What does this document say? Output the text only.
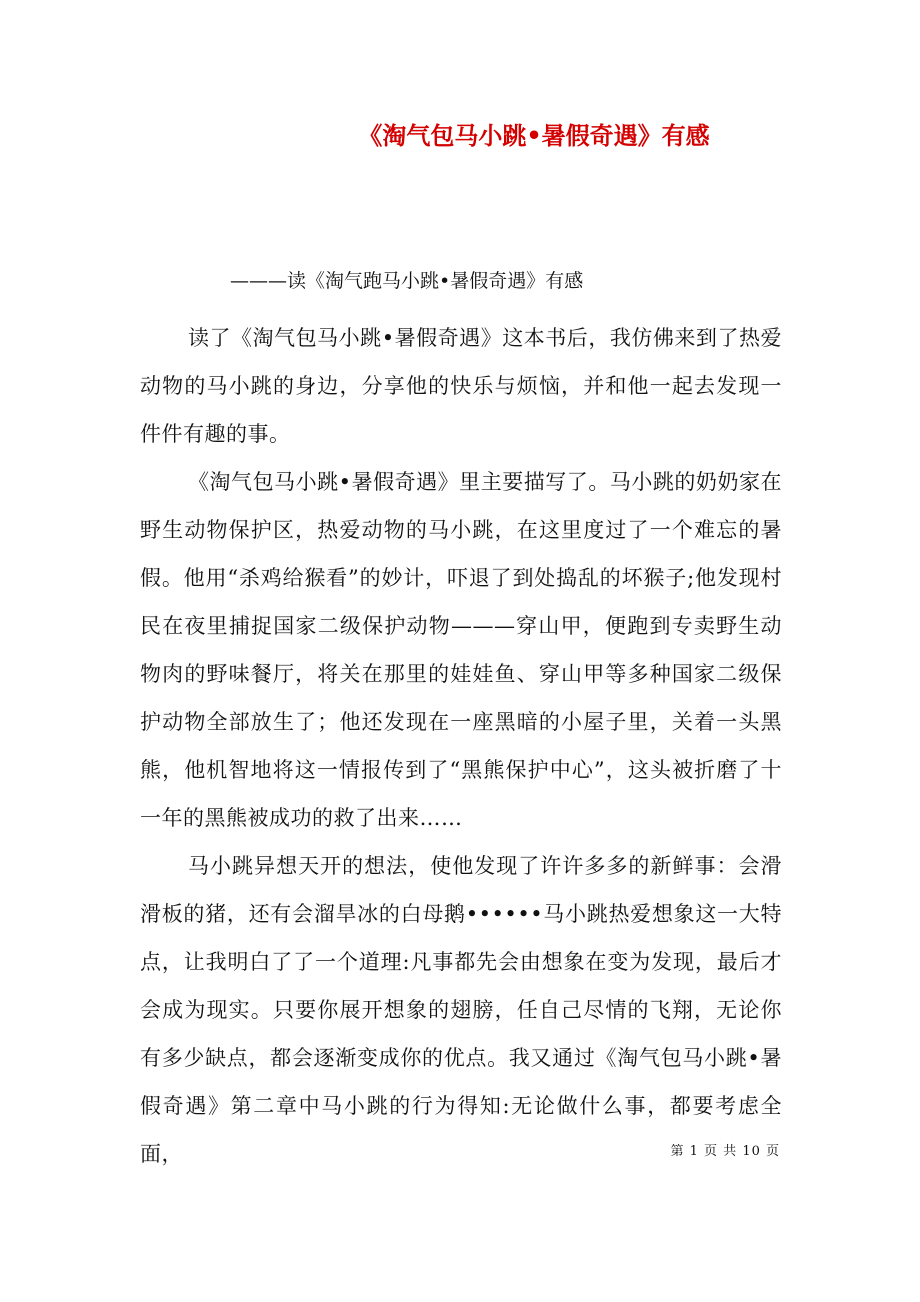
《淘气包马小跳•暑假奇遇》有感
———读《淘气跑马小跳•暑假奇遇》有感

读了《淘气包马小跳•暑假奇遇》这本书后，我仿佛来到了热爱动物的马小跳的身边，分享他的快乐与烦恼，并和他一起去发现一件件有趣的事。

《淘气包马小跳•暑假奇遇》里主要描写了。马小跳的奶奶家在野生动物保护区，热爱动物的马小跳，在这里度过了一个难忘的暑假。他用“杀鸡给猴看”的妙计，吓退了到处捣乱的坏猴子;他发现村民在夜里捕捉国家二级保护动物———穿山甲，便跑到专卖野生动物肉的野味餐厅，将关在那里的娃娃鱼、穿山甲等多种国家二级保护动物全部放生了；他还发现在一座黑暗的小屋子里，关着一头黑熊，他机智地将这一情报传到了“黑熊保护中心”，这头被折磨了十一年的黑熊被成功的救了出来……

马小跳异想天开的想法，使他发现了许许多多的新鲜事：会滑滑板的猪，还有会溜旱冰的白母鹅••••••马小跳热爱想象这一大特点，让我明白了了一个道理:凡事都先会由想象在变为发现，最后才会成为现实。只要你展开想象的翅膀，任自己尽情的飞翔，无论你有多少缺点，都会逐渐变成你的优点。我又通过《淘气包马小跳•暑假奇遇》第二章中马小跳的行为得知:无论做什么事，都要考虑全面，	第 1 页 共 10 页
